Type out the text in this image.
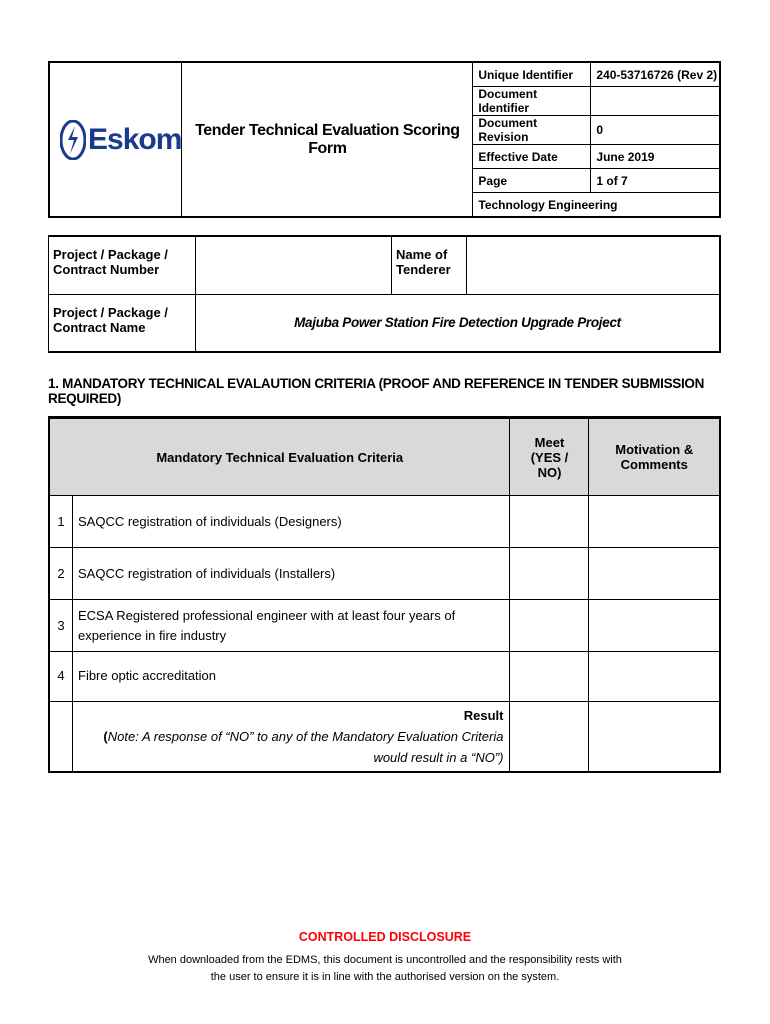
Eskom	Tender Technical Evaluation Scoring Form	Unique Identifier	240-53716726 (Rev 2)
		Document Identifier	
		Document Revision	0
		Effective Date	June 2019
		Page	1 of 7
		Technology Engineering	
Project / Package / Contract Number		Name of Tenderer	
Project / Package / Contract Name	Majuba Power Station Fire Detection Upgrade Project		
1. MANDATORY TECHNICAL EVALAUTION CRITERIA (PROOF AND REFERENCE IN TENDER SUBMISSION REQUIRED)
Mandatory Technical Evaluation Criteria		Meet (YES / NO)	Motivation & Comments
1	SAQCC registration of individuals (Designers)		
2	SAQCC registration of individuals (Installers)		
3	ECSA Registered professional engineer with at least four years of experience in fire industry		
4	Fibre optic accreditation		

	Result
(Note: A response of “NO” to any of the Mandatory Evaluation Criteria would result in a “NO”)		

CONTROLLED DISCLOSURE
When downloaded from the EDMS, this document is uncontrolled and the responsibility rests with the user to ensure it is in line with the authorised version on the system.
